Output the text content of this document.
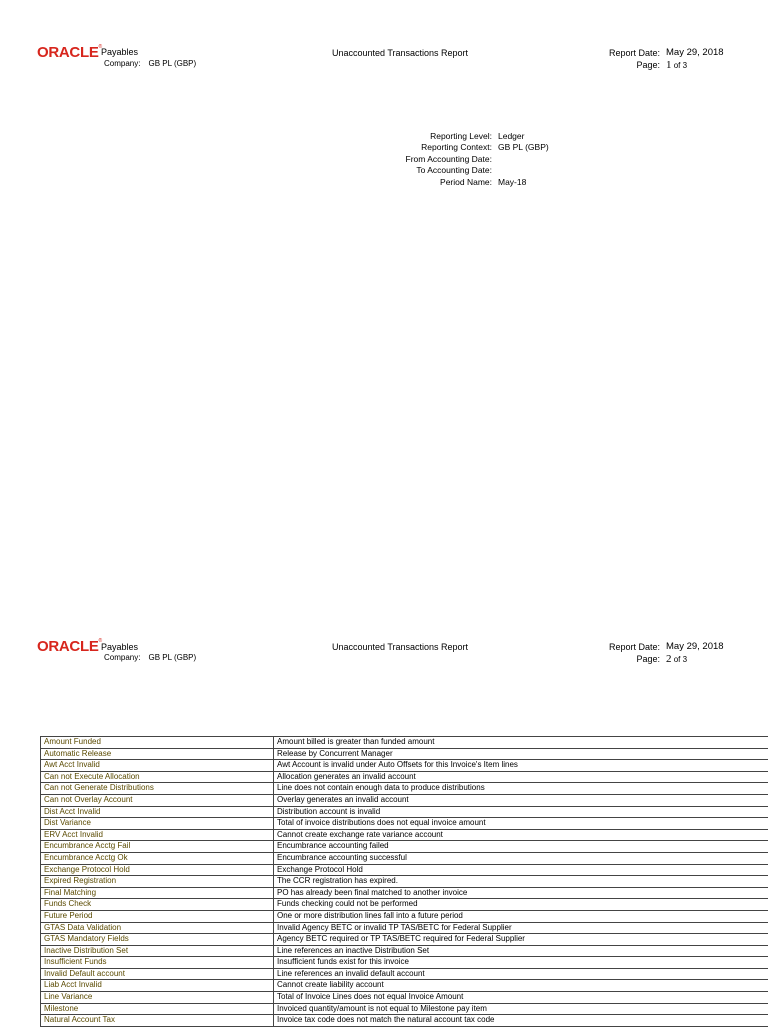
ORACLE® Payables
Company: GB PL (GBP)
Unaccounted Transactions Report	Report Date: May 29, 2018
Page: 1 of 3
Reporting Level: Ledger
Reporting Context: GB PL (GBP)
From Accounting Date:
To Accounting Date:
Period Name: May-18
ORACLE®
Payables
Company: GB PL (GBP)
Unaccounted Transactions Report	Report Date: May 29, 2018
Page: 2 of 3
Amount Funded	Amount billed is greater than funded amount
Automatic Release	Release by Concurrent Manager
Awt Acct Invalid	Awt Account is invalid under Auto Offsets for this Invoice's Item lines
Can not Execute Allocation	Allocation generates an invalid account
Can not Generate Distributions	Line does not contain enough data to produce distributions
Can not Overlay Account	Overlay generates an invalid account
Dist Acct Invalid	Distribution account is invalid
Dist Variance	Total of invoice distributions does not equal invoice amount
ERV Acct Invalid	Cannot create exchange rate variance account
Encumbrance Acctg Fail	Encumbrance accounting failed
Encumbrance Acctg Ok	Encumbrance accounting successful
Exchange Protocol Hold	Exchange Protocol Hold
Expired Registration	The CCR registration has expired.
Final Matching	PO has already been final matched to another invoice
Funds Check	Funds checking could not be performed
Future Period	One or more distribution lines fall into a future period
GTAS Data Validation	Invalid Agency BETC or invalid TP TAS/BETC for Federal Supplier
GTAS Mandatory Fields	Agency BETC required or TP TAS/BETC required for Federal Supplier
Inactive Distribution Set	Line references an inactive Distribution Set
Insufficient Funds	Insufficient funds exist for this invoice
Invalid Default account	Line references an invalid default account
Liab Acct Invalid	Cannot create liability account
Line Variance	Total of Invoice Lines does not equal Invoice Amount
Milestone	Invoiced quantity/amount is not equal to Milestone pay item
Natural Account Tax	Invoice tax code does not match the natural account tax code
